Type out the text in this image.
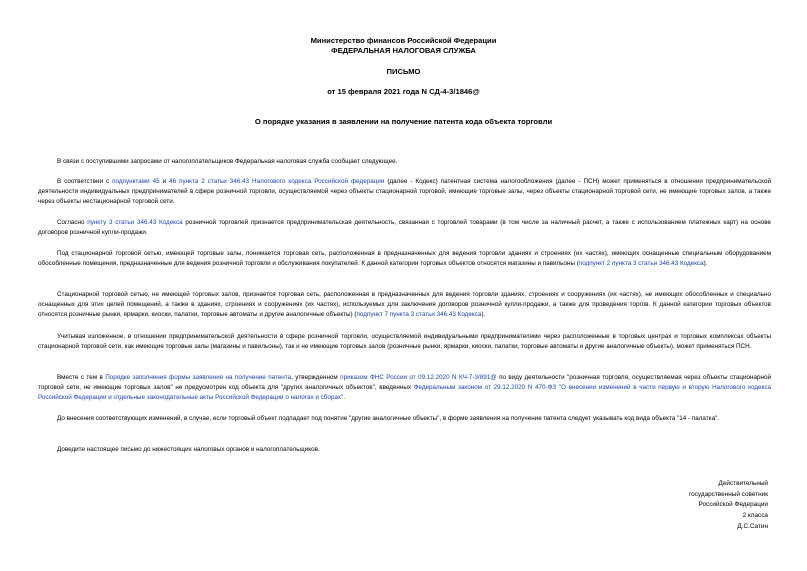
Министерство финансов Российской Федерации
ФЕДЕРАЛЬНАЯ НАЛОГОВАЯ СЛУЖБА
ПИСЬМО
от 15 февраля 2021 года N СД-4-3/1846@
О порядке указания в заявлении на получение патента кода объекта торговли
В связи с поступившими запросами от налогоплательщиков Федеральная налоговая служба сообщает следующее.
В соответствии с подпунктами 45 и 46 пункта 2 статьи 346.43 Налогового кодекса Российской федерации (далее - Кодекс) патентная система налогообложения (далее - ПСН) может применяться в отношении предпринимательской деятельности индивидуальных предпринимателей в сфере розничной торговли, осуществляемой через объекты стационарной торговой, имеющие торговые залы, через объекты стационарной торговой сети, не имеющие торговых залов, а также через объекты нестационарной торговой сети.
Согласно пункту 3 статьи 346.43 Кодекса розничной торговлей признается предпринимательская деятельность, связанная с торговлей товарами (в том числе за наличный расчет, а также с использованием платежных карт) на основе договоров розничной купли-продажи.
Под стационарной торговой сетью, имеющей торговые залы, понимается торговая сеть, расположенная в предназначенных для ведения торговли зданиях и строениях (их частях), имеющих оснащенные специальным оборудованием обособленные помещения, предназначенные для ведения розничной торговли и обслуживания покупателей. К данной категории торговых объектов относятся магазины и павильоны (подпункт 2 пункта 3 статьи 346.43 Кодекса).
Стационарной торговой сетью, не имеющей торговых залов, признается торговая сеть, расположенная в предназначенных для ведения торговли зданиях, строениях и сооружениях (их частях), не имеющих обособленных и специально оснащенных для этих целей помещений, а также в зданиях, строениях и сооружениях (их частях), используемых для заключения договоров розничной купли-продажи, а также для проведения торгов. К данной категории торговых объектов относятся розничные рынки, ярмарки, киоски, палатки, торговые автоматы и другие аналогичные объекты) (подпункт 7 пункта 3 статьи 346.43 Кодекса).
Учитывая изложенное, в отношении предпринимательской деятельности в сфере розничной торговли, осуществляемой индивидуальными предпринимателями через расположенные в торговых центрах и торговых комплексах объекты стационарной торговой сети, как имеющие торговые залы (магазины и павильоны), так и не имеющие торговых залов (розничные рынки, ярмарки, киоски, палатки, торговые автоматы и другие аналогичные объекты), может применяться ПСН.
Вместе с тем в Порядке заполнения формы заявления на получение патента, утвержденном приказом ФНС России от 09.12.2020 N КЧ-7-3/891@ по виду деятельности "розничная торговля, осуществляемая через объекты стационарной торговой сети, не имеющие торговых залов" не предусмотрен код объекта для "других аналогичных объектов", введенных Федеральным законом от 29.12.2020 N 470-ФЗ "О внесении изменений в части первую и вторую Налогового кодекса Российской Федерации и отдельные законодательные акты Российской Федерации о налогах и сборах".
До внесения соответствующих изменений, в случае, если торговый объект подпадает под понятие "другие аналогичные объекты", в форме заявления на получение патента следует указывать код вида объекта "14 - палатка".
Доведите настоящее письмо до нижестоящих налоговых органов и налогоплательщиков.
Действительный
государственный советник
Российской Федерации
2 класса
Д.С.Сатин
